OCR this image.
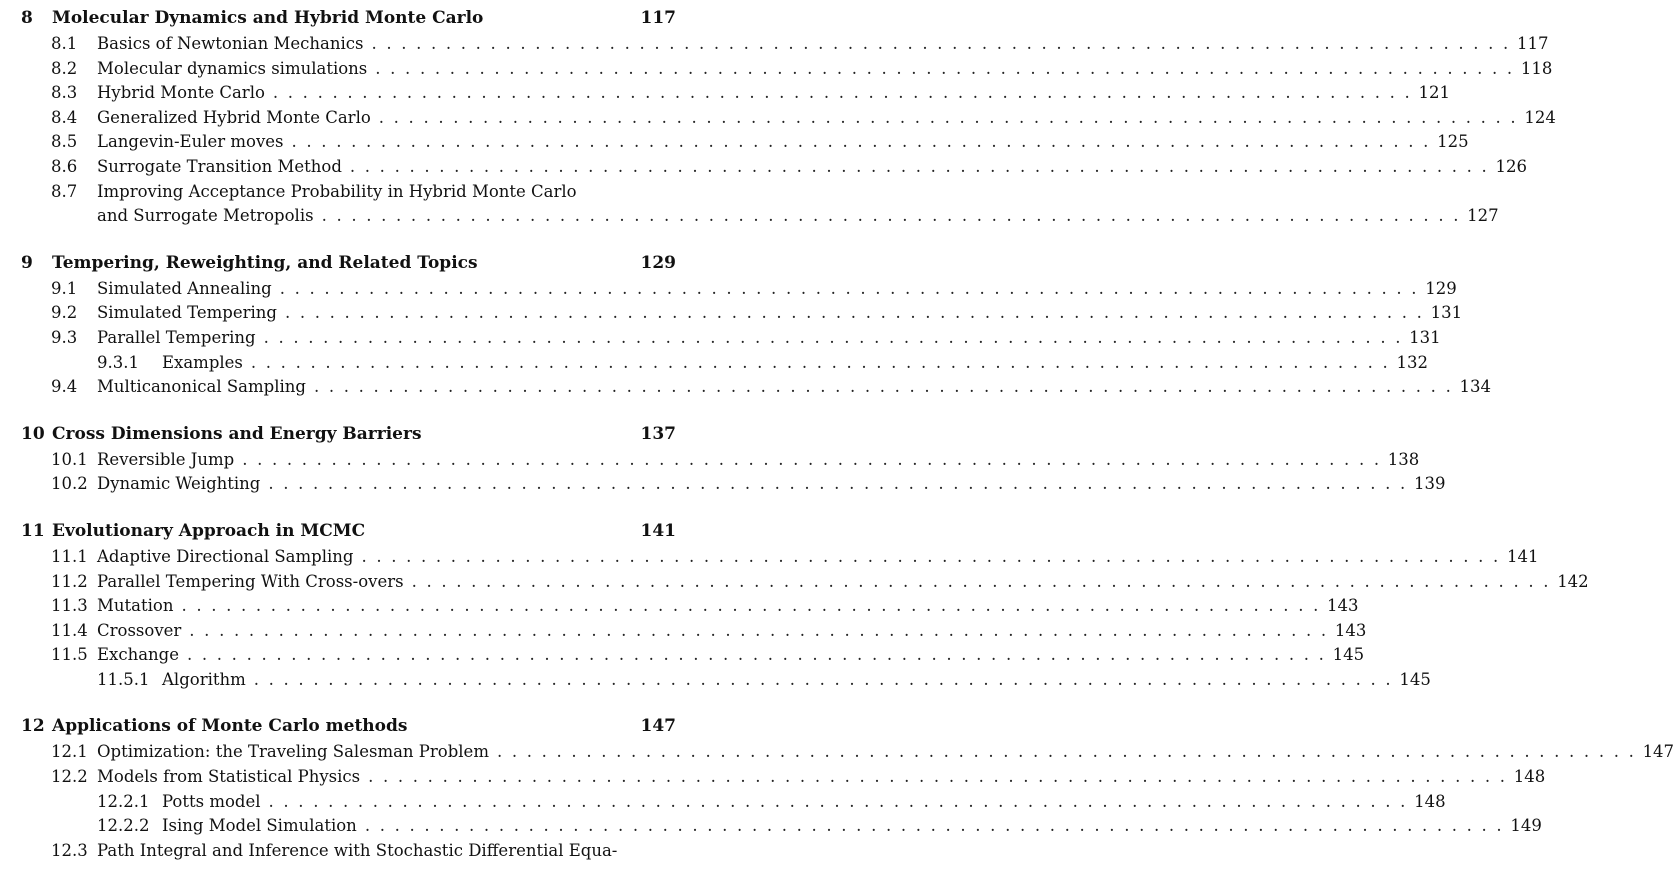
8	Molecular Dynamics and Hybrid Monte Carlo	117
8.1	Basics of Newtonian Mechanics . . .	117
8.2	Molecular dynamics simulations . . .	118
8.3	Hybrid Monte Carlo . . .	121
8.4	Generalized Hybrid Monte Carlo . . .	124
8.5	Langevin-Euler moves . . .	125
8.6	Surrogate Transition Method . . .	126
8.7	Improving Acceptance Probability in Hybrid Monte Carlo
and Surrogate Metropolis . . .	127
9	Tempering, Reweighting, and Related Topics	129
9.1	Simulated Annealing . . .	129
9.2	Simulated Tempering . . .	131
9.3	Parallel Tempering . . .	131
9.3.1	Examples . . .	132
9.4	Multicanonical Sampling . . .	134
10 Cross Dimensions and Energy Barriers	137
10.1 Reversible Jump . . .	138
10.2 Dynamic Weighting . . .	139
11 Evolutionary Approach in MCMC	141
11.1 Adaptive Directional Sampling . . .	141
11.2 Parallel Tempering With Cross-overs . . .	142
11.3 Mutation . . .	143
11.4 Crossover . . .	143
11.5 Exchange . . .	145
11.5.1 Algorithm . . .	145
12 Applications of Monte Carlo methods	147
12.1 Optimization: the Traveling Salesman Problem . . .	147
12.2 Models from Statistical Physics . . .	148
12.2.1 Potts model . . .	148
12.2.2 Ising Model Simulation . . .	149
12.3 Path Integral and Inference with Stochastic Differential Equa-
